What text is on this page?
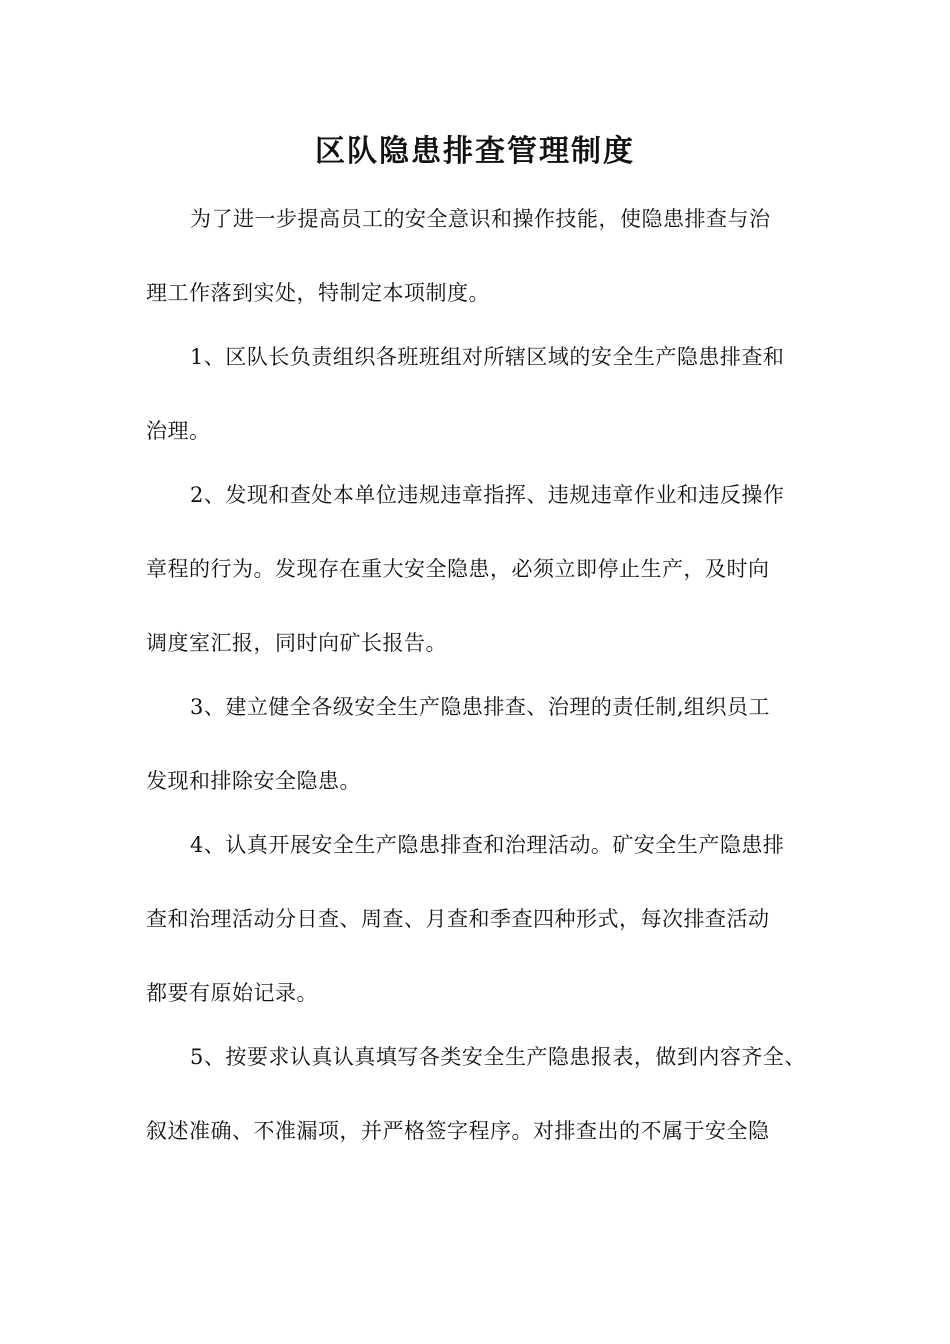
区队隐患排查管理制度
为了进一步提高员工的安全意识和操作技能，使隐患排查与治
理工作落到实处，特制定本项制度。
1、区队长负责组织各班班组对所辖区域的安全生产隐患排查和
治理。
2、发现和查处本单位违规违章指挥、违规违章作业和违反操作
章程的行为。发现存在重大安全隐患，必须立即停止生产，及时向
调度室汇报，同时向矿长报告。
3、建立健全各级安全生产隐患排查、治理的责任制,组织员工
发现和排除安全隐患。
4、认真开展安全生产隐患排查和治理活动。矿安全生产隐患排
查和治理活动分日查、周查、月查和季查四种形式，每次排查活动
都要有原始记录。
5、按要求认真认真填写各类安全生产隐患报表，做到内容齐全、
叙述准确、不准漏项，并严格签字程序。对排查出的不属于安全隐
